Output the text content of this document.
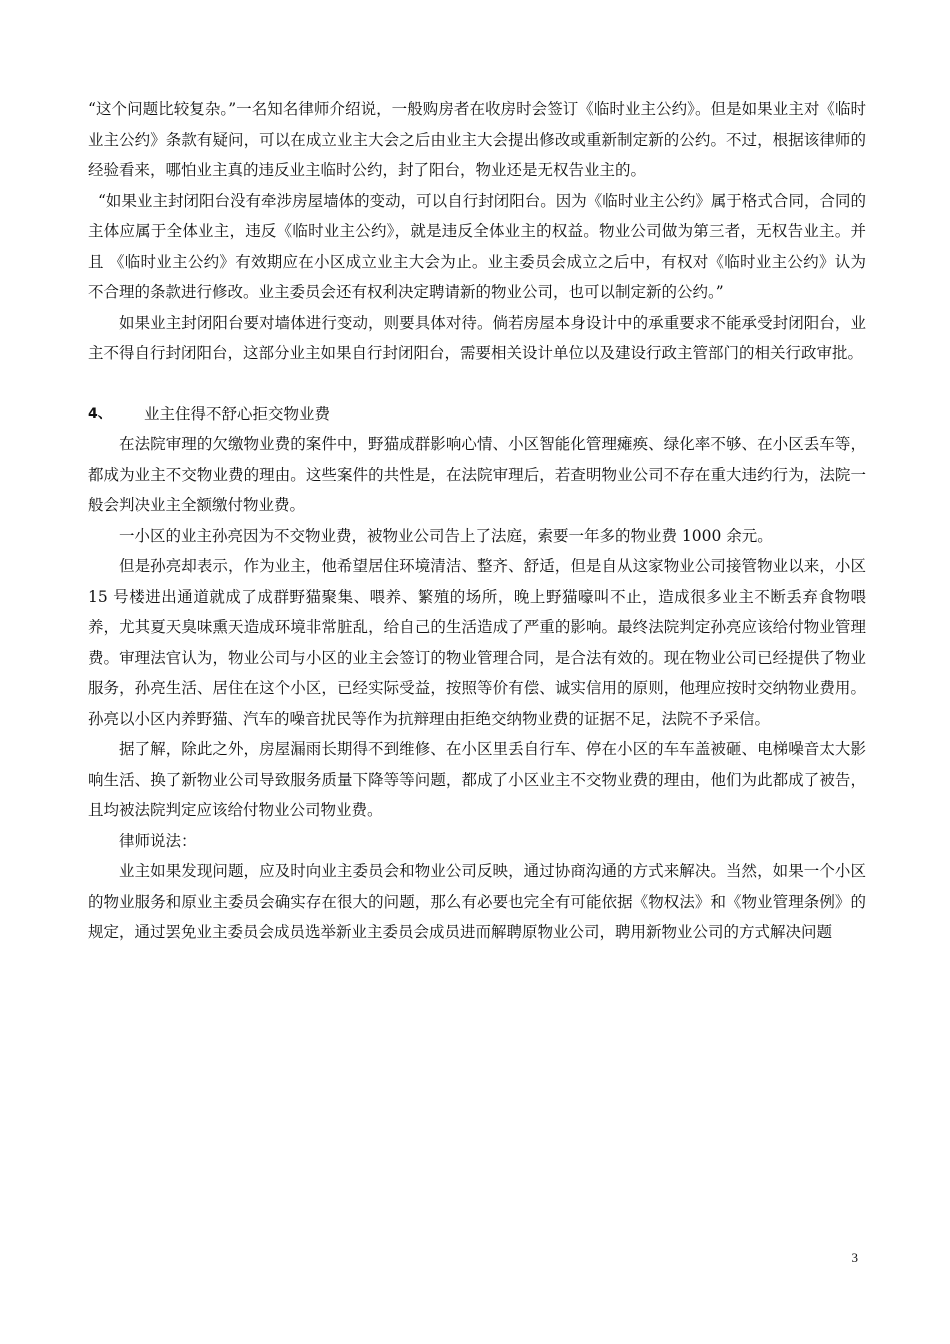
“这个问题比较复杂。”一名知名律师介绍说，一般购房者在收房时会签订《临时业主公约》。但是如果业主对《临时业主公约》条款有疑问，可以在成立业主大会之后由业主大会提出修改或重新制定新的公约。不过，根据该律师的经验看来，哪怕业主真的违反业主临时公约，封了阳台，物业还是无权告业主的。

“如果业主封闭阳台没有牵涉房屋墙体的变动，可以自行封闭阳台。因为《临时业主公约》属于格式合同，合同的主体应属于全体业主，违反《临时业主公约》，就是违反全体业主的权益。物业公司做为第三者，无权告业主。并且 《临时业主公约》有效期应在小区成立业主大会为止。业主委员会成立之后中，有权对《临时业主公约》认为不合理的条款进行修改。业主委员会还有权利决定聘请新的物业公司，也可以制定新的公约。”

如果业主封闭阳台要对墙体进行变动，则要具体对待。倘若房屋本身设计中的承重要求不能承受封闭阳台，业主不得自行封闭阳台，这部分业主如果自行封闭阳台，需要相关设计单位以及建设行政主管部门的相关行政审批。

4、	业主住得不舒心拒交物业费

在法院审理的欠缴物业费的案件中，野猫成群影响心情、小区智能化管理瘫痪、绿化率不够、在小区丢车等，都成为业主不交物业费的理由。这些案件的共性是，在法院审理后，若查明物业公司不存在重大违约行为，法院一般会判决业主全额缴付物业费。

一小区的业主孙亮因为不交物业费，被物业公司告上了法庭，索要一年多的物业费 1000 余元。

但是孙亮却表示，作为业主，他希望居住环境清洁、整齐、舒适，但是自从这家物业公司接管物业以来，小区 15 号楼进出通道就成了成群野猫聚集、喂养、繁殖的场所，晚上野猫嚎叫不止，造成很多业主不断丢弃食物喂养，尤其夏天臭味熏天造成环境非常脏乱，给自己的生活造成了严重的影响。最终法院判定孙亮应该给付物业管理费。审理法官认为，物业公司与小区的业主会签订的物业管理合同，是合法有效的。现在物业公司已经提供了物业服务，孙亮生活、居住在这个小区，已经实际受益，按照等价有偿、诚实信用的原则，他理应按时交纳物业费用。孙亮以小区内养野猫、汽车的噪音扰民等作为抗辩理由拒绝交纳物业费的证据不足，法院不予采信。

据了解，除此之外，房屋漏雨长期得不到维修、在小区里丢自行车、停在小区的车车盖被砸、电梯噪音太大影响生活、换了新物业公司导致服务质量下降等等问题，都成了小区业主不交物业费的理由，他们为此都成了被告，且均被法院判定应该给付物业公司物业费。

律师说法：

业主如果发现问题，应及时向业主委员会和物业公司反映，通过协商沟通的方式来解决。当然，如果一个小区的物业服务和原业主委员会确实存在很大的问题，那么有必要也完全有可能依据《物权法》和《物业管理条例》的规定，通过罢免业主委员会成员选举新业主委员会成员进而解聘原物业公司，聘用新物业公司的方式解决问题

3
